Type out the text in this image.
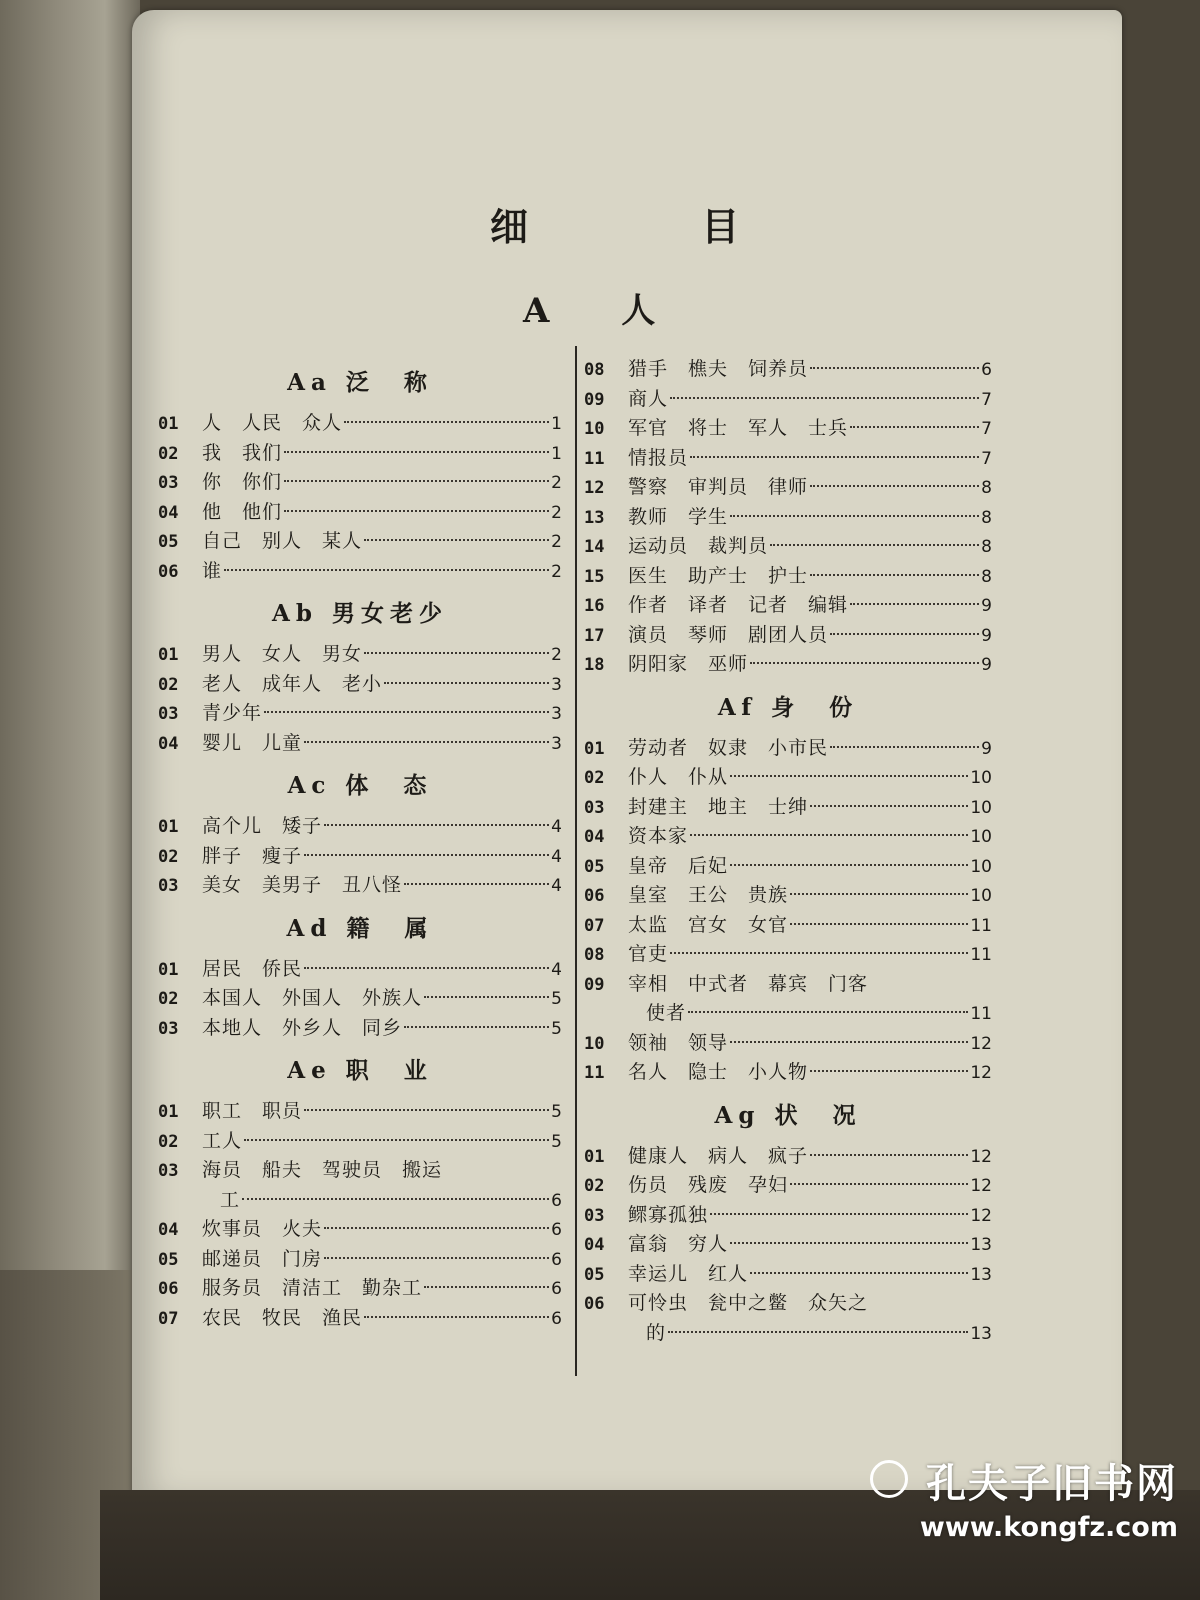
细 目
A 人
Aa 泛　称
01	人　人民　众人	1
02	我　我们	1
03	你　你们	2
04	他　他们	2
05	自己　别人　某人	2
06	谁	2
Ab 男女老少
01	男人　女人　男女	2
02	老人　成年人　老小	3
03	青少年	3
04	婴儿　儿童	3
Ac 体　态
01	高个儿　矮子	4
02	胖子　瘦子	4
03	美女　美男子　丑八怪	4
Ad 籍　属
01	居民　侨民	4
02	本国人　外国人　外族人	5
03	本地人　外乡人　同乡	5
Ae 职　业
01	职工　职员	5
02	工人	5
03	海员　船夫　驾驶员　搬运
工	6
04	炊事员　火夫	6
05	邮递员　门房	6
06	服务员　清洁工　勤杂工	6
07	农民　牧民　渔民	6
08	猎手　樵夫　饲养员	6
09	商人	7
10	军官　将士　军人　士兵	7
11	情报员	7
12	警察　审判员　律师	8
13	教师　学生	8
14	运动员　裁判员	8
15	医生　助产士　护士	8
16	作者　译者　记者　编辑	9
17	演员　琴师　剧团人员	9
18	阴阳家　巫师	9
Af 身　份
01	劳动者　奴隶　小市民	9
02	仆人　仆从	10
03	封建主　地主　士绅	10
04	资本家	10
05	皇帝　后妃	10
06	皇室　王公　贵族	10
07	太监　宫女　女官	11
08	官吏	11
09	宰相　中式者　幕宾　门客
使者	11
10	领袖　领导	12
11	名人　隐士　小人物	12
Ag 状　况
01	健康人　病人　疯子	12
02	伤员　残废　孕妇	12
03	鳏寡孤独	12
04	富翁　穷人	13
05	幸运儿　红人	13
06	可怜虫　瓮中之鳖　众矢之
的	13
孔夫子旧书网
www.kongfz.com
